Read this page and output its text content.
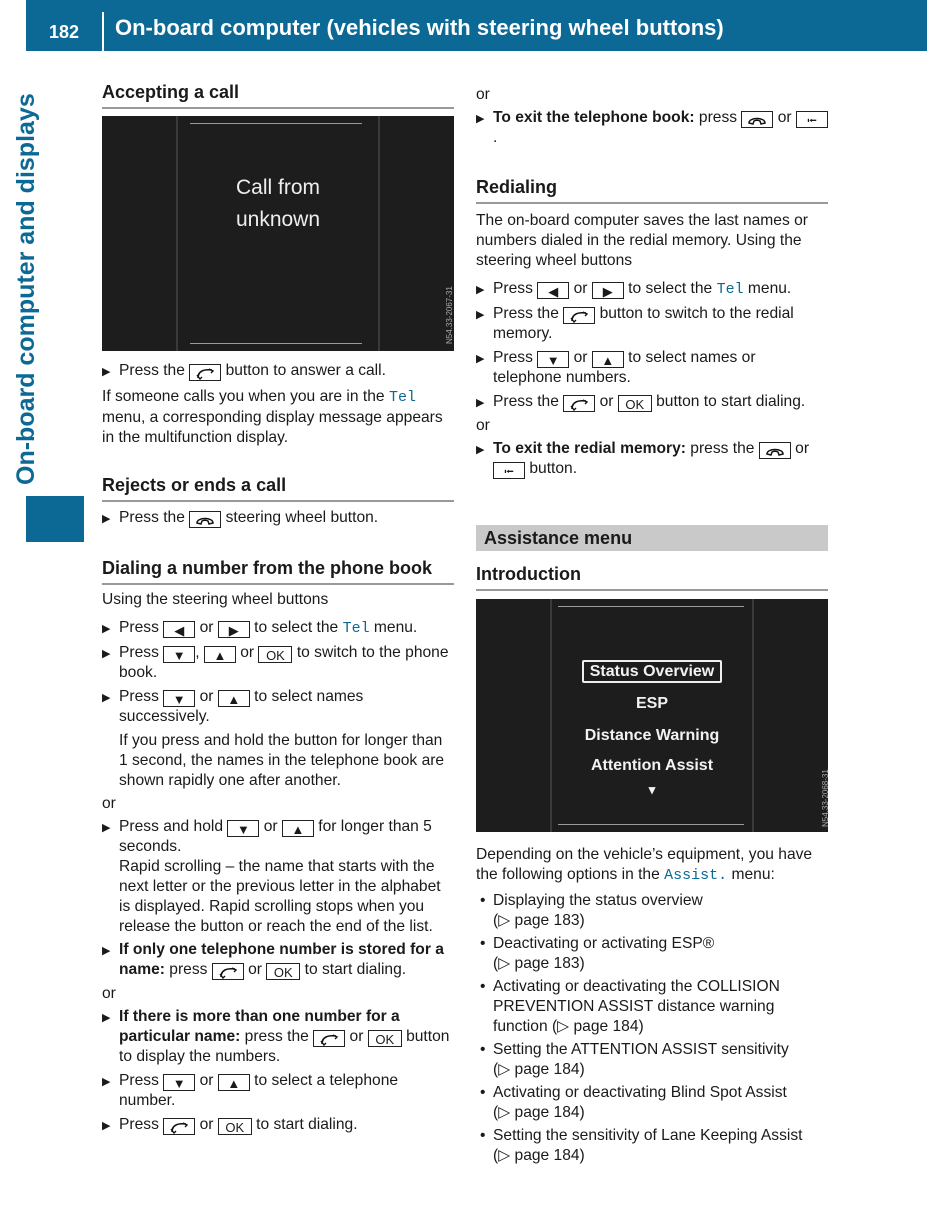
182	On-board computer (vehicles with steering wheel buttons)
On-board computer and displays
Accepting a call
Call from
unknown
N54.33-2067-31

▶ Press the	button to answer a call.

If someone calls you when you are in the Tel menu, a corresponding display message appears in the multifunction display.

Rejects or ends a call

▶ Press the	steering wheel button.

Dialing a number from the phone book

Using the steering wheel buttons

▶ Press ◀ or ▶ to select the Tel menu.

▶ Press ▼ , ▲ or OK to switch to the phone book.

▶ Press ▼ or ▲ to select names successively.

If you press and hold the button for longer than 1 second, the names in the telephone book are shown rapidly one after another.

or

▶ Press and hold ▼ or ▲ for longer than 5 seconds.

Rapid scrolling – the name that starts with the next letter or the previous letter in the alphabet is displayed. Rapid scrolling stops when you release the button or reach the end of the list.

▶ If only one telephone number is stored for a name: press	or OK to start dialing.

or

▶ If there is more than one number for a particular name: press the	or OK button to display the numbers.

▶ Press ▼ or ▲ to select a telephone number.

▶ Press	or OK to start dialing.

or

▶ To exit the telephone book: press	or ⭰.

Redialing

The on-board computer saves the last names or numbers dialed in the redial memory. Using the steering wheel buttons

▶ Press ◀ or ▶ to select the Tel menu.

▶ Press the	button to switch to the redial memory.

▶ Press ▼ or ▲ to select names or telephone numbers.

▶ Press the	or OK button to start dialing.

or

▶ To exit the redial memory: press the	or ⭰ button.

Assistance menu
Introduction
Status Overview
ESP
Distance Warning
Attention Assist
▾	N54.33-2068-31

Depending on the vehicle’s equipment, you have the following options in the Assist. menu:

• Displaying the status overview
(▷ page 183)

• Deactivating or activating ESP®
(▷ page 183)

• Activating or deactivating the COLLISION PREVENTION ASSIST distance warning function (▷ page 184)

• Setting the ATTENTION ASSIST sensitivity
(▷ page 184)

• Activating or deactivating Blind Spot Assist
(▷ page 184)

• Setting the sensitivity of Lane Keeping Assist
(▷ page 184)
